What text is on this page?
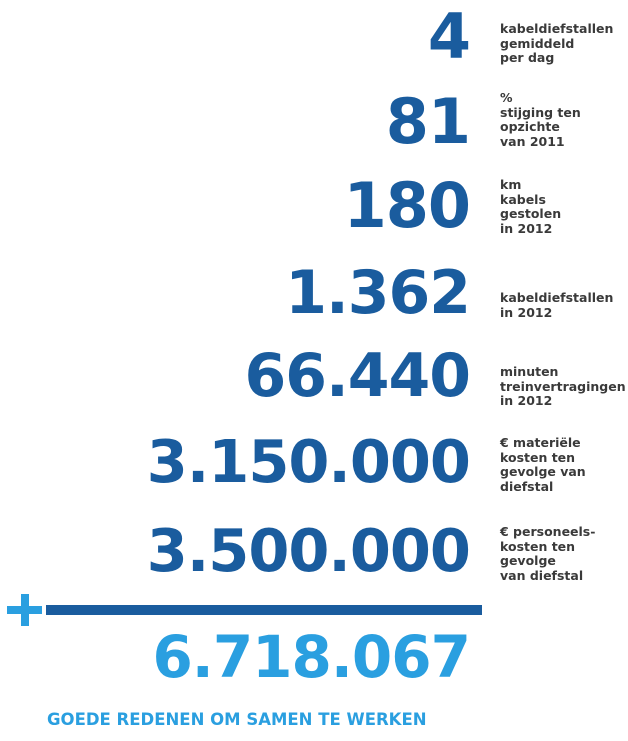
4 kabeldiefstallen
gemiddeld
per dag
81 %
stijging ten
opzichte
van 2011
180 km
kabels
gestolen
in 2012
1.362 kabeldiefstallen
in 2012
66.440 minuten
treinvertragingen
in 2012
3.150.000 € materiële
kosten ten
gevolge van
diefstal
3.500.000 € personeels-
kosten ten
gevolge
van diefstal
6.718.067
GOEDE REDENEN OM SAMEN TE WERKEN
